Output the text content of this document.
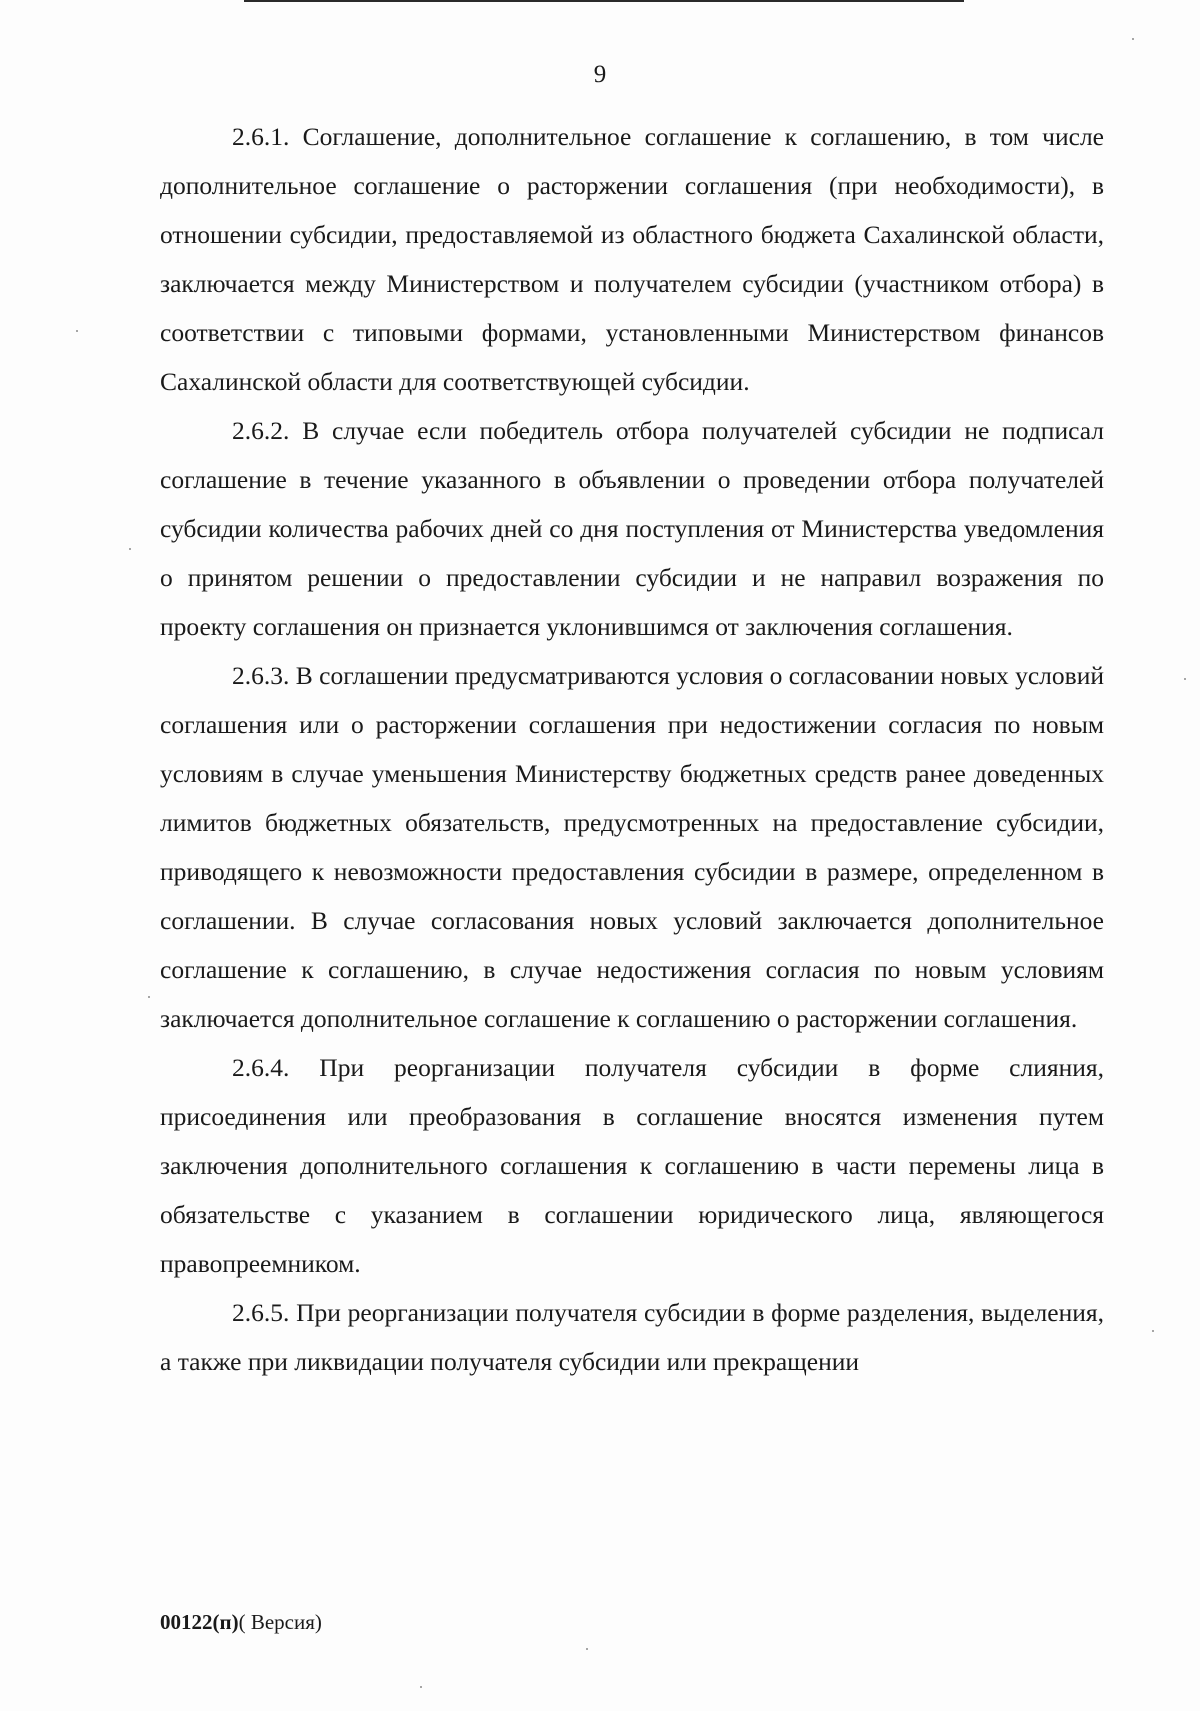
9

2.6.1. Соглашение, дополнительное соглашение к соглашению, в том числе дополнительное соглашение о расторжении соглашения (при необходимости), в отношении субсидии, предоставляемой из областного бюджета Сахалинской области, заключается между Министерством и получателем субсидии (участником отбора) в соответствии с типовыми формами, установленными Министерством финансов Сахалинской области для соответствующей субсидии.

2.6.2. В случае если победитель отбора получателей субсидии не подписал соглашение в течение указанного в объявлении о проведении отбора получателей субсидии количества рабочих дней со дня поступления от Министерства уведомления о принятом решении о предоставлении субсидии и не направил возражения по проекту соглашения он признается уклонившимся от заключения соглашения.

2.6.3. В соглашении предусматриваются условия о согласовании новых условий соглашения или о расторжении соглашения при недостижении согласия по новым условиям в случае уменьшения Министерству бюджетных средств ранее доведенных лимитов бюджетных обязательств, предусмотренных на предоставление субсидии, приводящего к невозможности предоставления субсидии в размере, определенном в соглашении. В случае согласования новых условий заключается дополнительное соглашение к соглашению, в случае недостижения согласия по новым условиям заключается дополнительное соглашение к соглашению о расторжении соглашения.

2.6.4. При реорганизации получателя субсидии в форме слияния, присоединения или преобразования в соглашение вносятся изменения путем заключения дополнительного соглашения к соглашению в части перемены лица в обязательстве с указанием в соглашении юридического лица, являющегося правопреемником.

2.6.5. При реорганизации получателя субсидии в форме разделения, выделения, а также при ликвидации получателя субсидии или прекращении

00122(п)( Версия)
